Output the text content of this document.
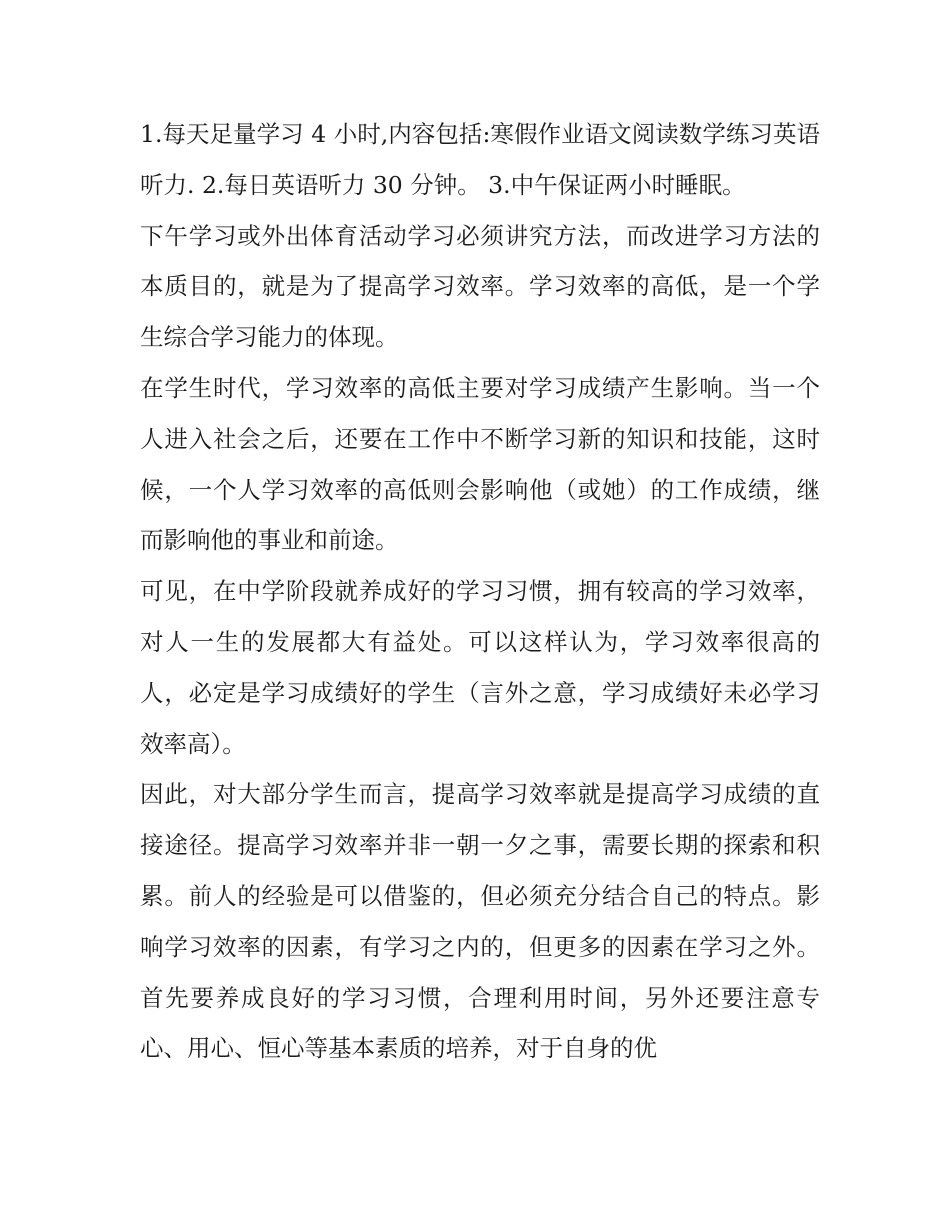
1.每天足量学习 4 小时,内容包括:寒假作业语文阅读数学练习英语听力. 2.每日英语听力 30 分钟。 3.中午保证两小时睡眠。

下午学习或外出体育活动学习必须讲究方法，而改进学习方法的本质目的，就是为了提高学习效率。学习效率的高低，是一个学生综合学习能力的体现。

在学生时代，学习效率的高低主要对学习成绩产生影响。当一个人进入社会之后，还要在工作中不断学习新的知识和技能，这时候，一个人学习效率的高低则会影响他（或她）的工作成绩，继而影响他的事业和前途。

可见，在中学阶段就养成好的学习习惯，拥有较高的学习效率，对人一生的发展都大有益处。可以这样认为，学习效率很高的人，必定是学习成绩好的学生（言外之意，学习成绩好未必学习效率高）。

因此，对大部分学生而言，提高学习效率就是提高学习成绩的直接途径。提高学习效率并非一朝一夕之事，需要长期的探索和积累。前人的经验是可以借鉴的，但必须充分结合自己的特点。影响学习效率的因素，有学习之内的，但更多的因素在学习之外。首先要养成良好的学习习惯，合理利用时间，另外还要注意专心、用心、恒心等基本素质的培养，对于自身的优
